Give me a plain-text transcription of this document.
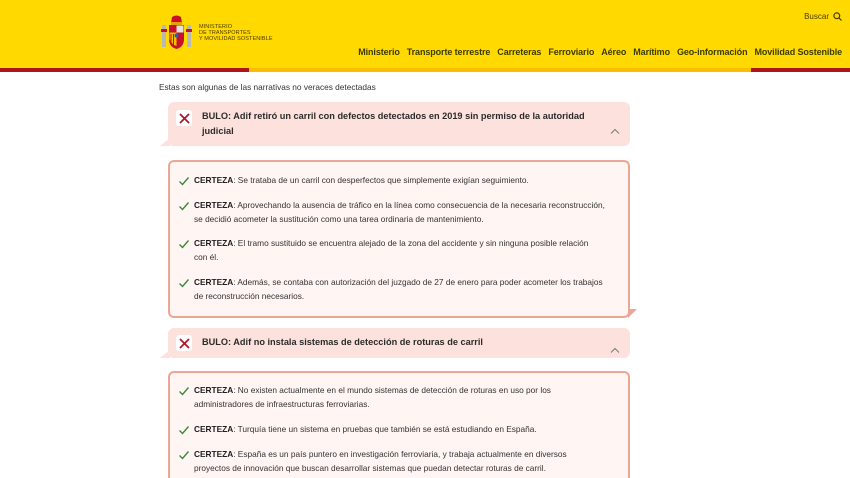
MINISTERIO
DE TRANSPORTES
Y MOVILIDAD SOSTENIBLE
Buscar
Ministerio Transporte terrestre Carreteras Ferroviario Aéreo Marítimo Geo-información Movilidad Sostenible
Estas son algunas de las narrativas no veraces detectadas
BULO: Adif retiró un carril con defectos detectados en 2019 sin permiso de la autoridad
judicial
CERTEZA: Se trataba de un carril con desperfectos que simplemente exigían seguimiento.
CERTEZA: Aprovechando la ausencia de tráfico en la línea como consecuencia de la necesaria reconstrucción,
se decidió acometer la sustitución como una tarea ordinaria de mantenimiento.
CERTEZA: El tramo sustituido se encuentra alejado de la zona del accidente y sin ninguna posible relación
con él.
CERTEZA: Además, se contaba con autorización del juzgado de 27 de enero para poder acometer los trabajos
de reconstrucción necesarios.
BULO: Adif no instala sistemas de detección de roturas de carril
CERTEZA: No existen actualmente en el mundo sistemas de detección de roturas en uso por los
administradores de infraestructuras ferroviarias.
CERTEZA: Turquía tiene un sistema en pruebas que también se está estudiando en España.
CERTEZA: España es un país puntero en investigación ferroviaria, y trabaja actualmente en diversos
proyectos de innovación que buscan desarrollar sistemas que puedan detectar roturas de carril.
